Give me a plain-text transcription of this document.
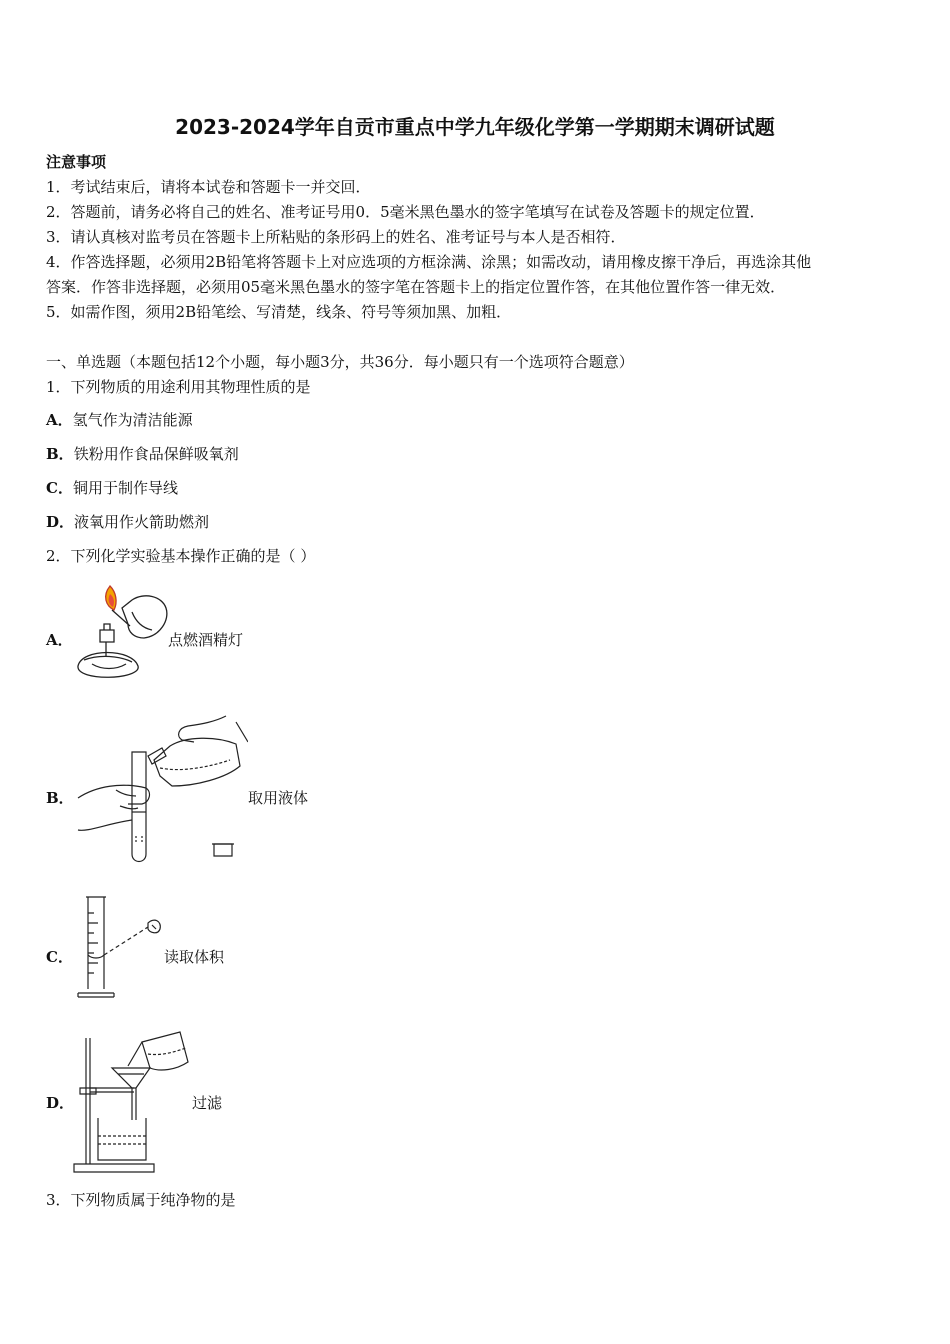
2023-2024学年自贡市重点中学九年级化学第一学期期末调研试题
注意事项
1．考试结束后，请将本试卷和答题卡一并交回．
2．答题前，请务必将自己的姓名、准考证号用0．5毫米黑色墨水的签字笔填写在试卷及答题卡的规定位置．
3．请认真核对监考员在答题卡上所粘贴的条形码上的姓名、准考证号与本人是否相符．
4．作答选择题，必须用2B铅笔将答题卡上对应选项的方框涂满、涂黑；如需改动，请用橡皮擦干净后，再选涂其他
答案．作答非选择题，必须用05毫米黑色墨水的签字笔在答题卡上的指定位置作答，在其他位置作答一律无效．
5．如需作图，须用2B铅笔绘、写清楚，线条、符号等须加黑、加粗．
一、单选题（本题包括12个小题，每小题3分，共36分．每小题只有一个选项符合题意）
1．下列物质的用途利用其物理性质的是
A．氢气作为清洁能源
B．铁粉用作食品保鲜吸氧剂
C．铜用于制作导线
D．液氧用作火箭助燃剂
2．下列化学实验基本操作正确的是（ ）
A．	点燃酒精灯
B．	取用液体
C．	读取体积
D．	过滤
3．下列物质属于纯净物的是
